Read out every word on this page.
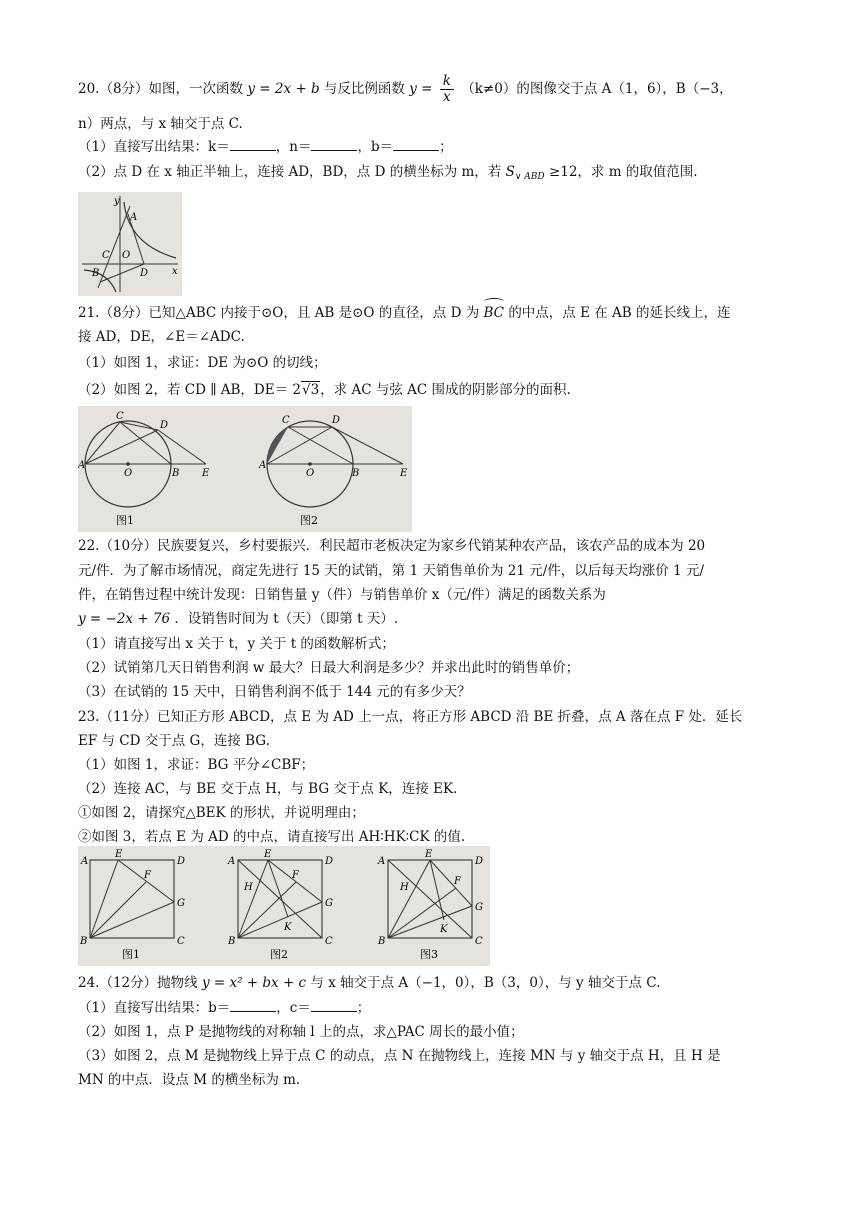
20.（8分）如图，一次函数 y = 2x + b 与反比例函数 $y = \frac{k}{x} (k\ne 0)$的图像交于点 A（1，6），B（−3，
n）两点，与 x 轴交于点 C.
（1）直接写出结果：k＝	，n＝	，b＝	；
（2）点 D 在 x 轴正半轴上，连接 AD，BD，点 D 的横坐标为 m，若 $S_{\vee ABD} \ge 12$，求 m 的取值范围.
y
x
A
B
C O
D
21.（8分）已知△ABC 内接于⊙O，且 AB 是⊙O 的直径，点 D 为 BC 的中点，点 E 在 AB 的延长线上，连
接 AD，DE，∠E＝∠ADC.
（1）如图 1，求证：DE 为⊙O 的切线；
（2）如图 2，若 CD ∥ AB，DE＝ 2√3，求 AC 与弦 AC 围成的阴影部分的面积.
A
C
D
O	B E
图1
A
C	D
O	B	E
图2
22.（10分）民族要复兴，乡村要振兴．利民超市老板决定为家乡代销某种农产品，该农产品的成本为 20
元/件．为了解市场情况，商定先进行 15 天的试销，第 1 天销售单价为 21 元/件，以后每天均涨价 1 元/
件，在销售过程中统计发现：日销售量 y（件）与销售单价 x（元/件）满足的函数关系为
y = −2x + 76 ．设销售时间为 t（天）（即第 t 天）.
（1）请直接写出 x 关于 t，y 关于 t 的函数解析式；
（2）试销第几天日销售利润 w 最大？日最大利润是多少？并求出此时的销售单价；
（3）在试销的 15 天中，日销售利润不低于 144 元的有多少天？
23.（11分）已知正方形 ABCD，点 E 为 AD 上一点，将正方形 ABCD 沿 BE 折叠，点 A 落在点 F 处．延长
EF 与 CD 交于点 G，连接 BG.
（1）如图 1，求证：BG 平分∠CBF；
（2）连接 AC，与 BE 交于点 H，与 BG 交于点 K，连接 EK.
①如图 2，请探究△BEK 的形状，并说明理由；
②如图 3，若点 E 为 AD 的中点，请直接写出 AH∶HK∶CK 的值.
A
E
D
F
G
B	C
图1
A
E
D
H
F
G
K
B	C
图2
A
E
D
H
F
G
K
B	C
图3
24.（12分）抛物线 y = x² + bx + c 与 x 轴交于点 A（−1，0），B（3，0），与 y 轴交于点 C.
（1）直接写出结果：b＝	，c＝	；
（2）如图 1，点 P 是抛物线的对称轴 l 上的点，求△PAC 周长的最小值；
（3）如图 2，点 M 是抛物线上异于点 C 的动点，点 N 在抛物线上，连接 MN 与 y 轴交于点 H，且 H 是
MN 的中点．设点 M 的横坐标为 m.
